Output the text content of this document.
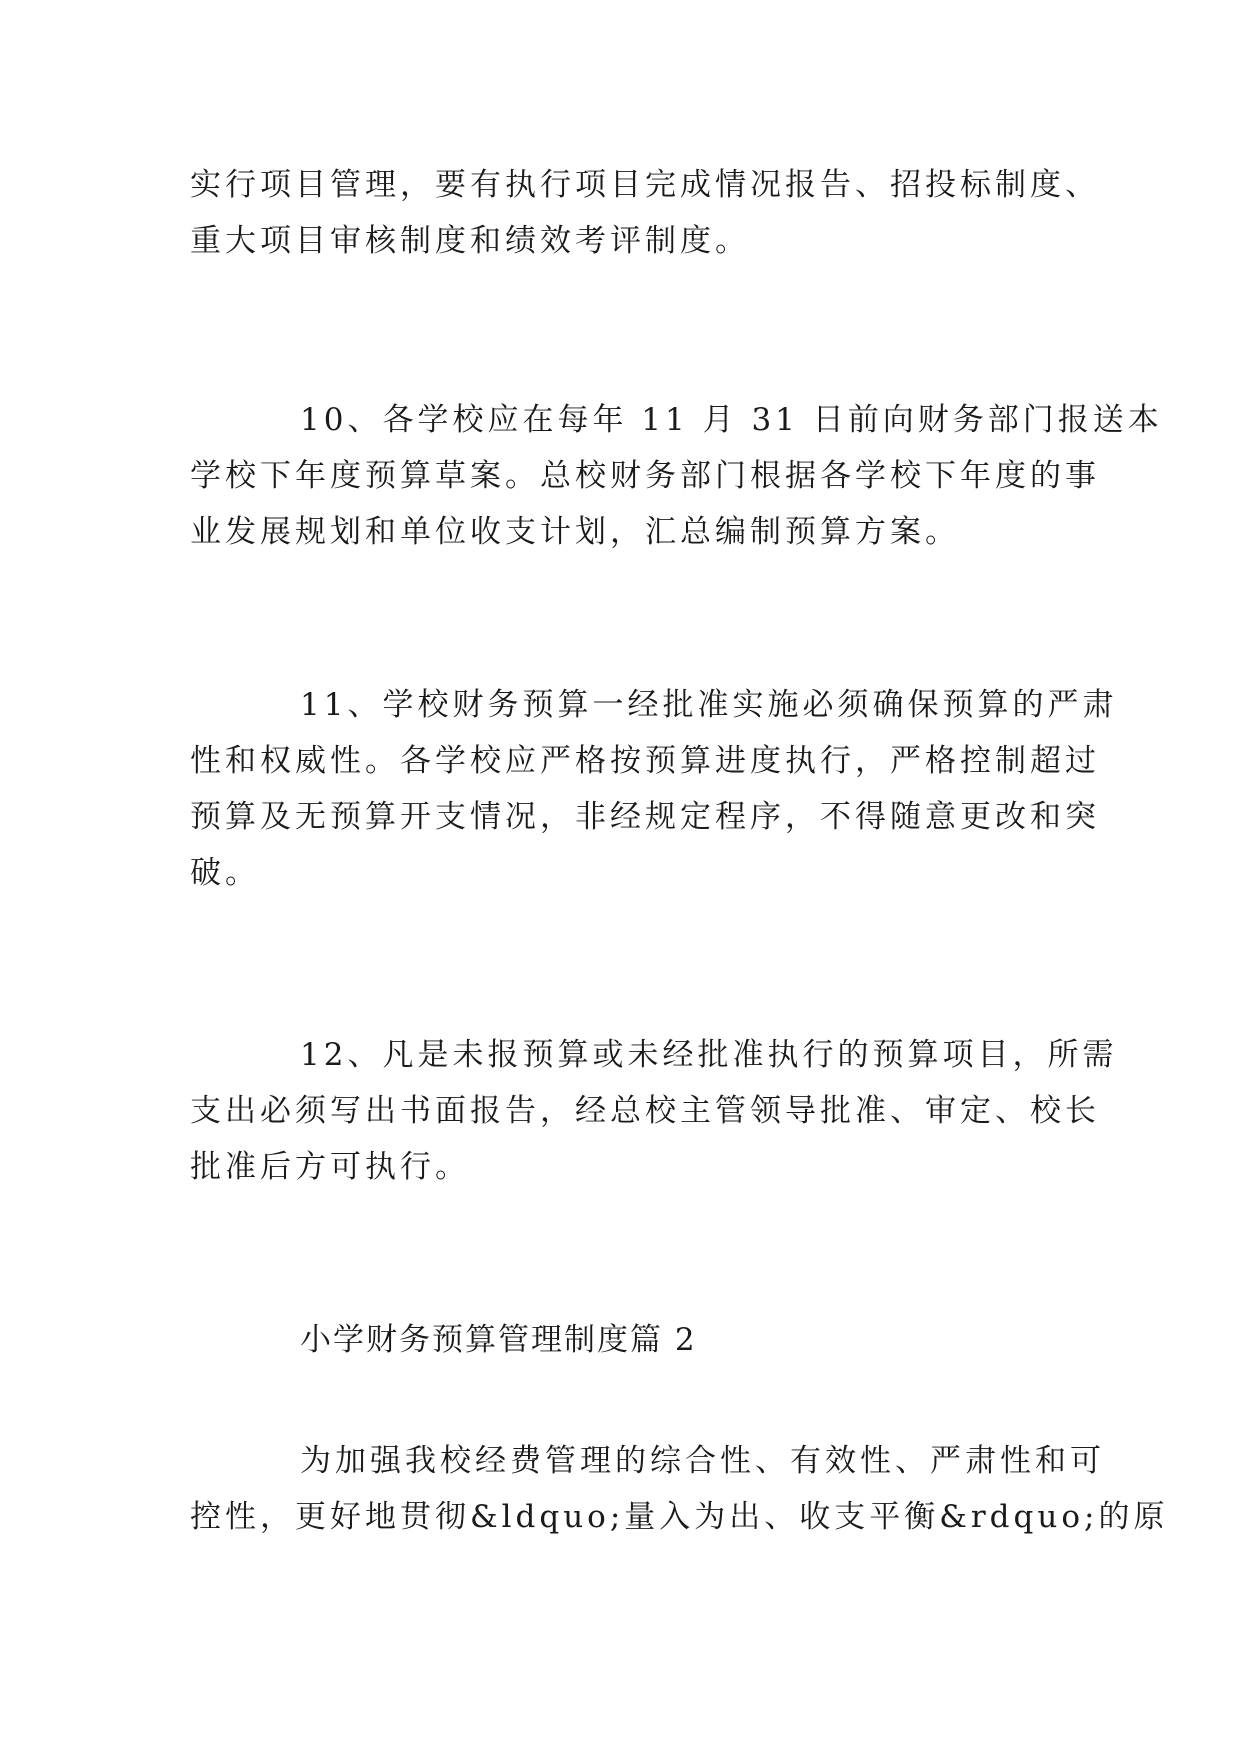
实行项目管理，要有执行项目完成情况报告、招投标制度、
重大项目审核制度和绩效考评制度。
10、各学校应在每年 11 月 31 日前向财务部门报送本
学校下年度预算草案。总校财务部门根据各学校下年度的事
业发展规划和单位收支计划，汇总编制预算方案。
11、学校财务预算一经批准实施必须确保预算的严肃
性和权威性。各学校应严格按预算进度执行，严格控制超过
预算及无预算开支情况，非经规定程序，不得随意更改和突
破。
12、凡是未报预算或未经批准执行的预算项目，所需
支出必须写出书面报告，经总校主管领导批准、审定、校长
批准后方可执行。
小学财务预算管理制度篇 2
为加强我校经费管理的综合性、有效性、严肃性和可
控性，更好地贯彻&ldquo;量入为出、收支平衡&rdquo;的原
